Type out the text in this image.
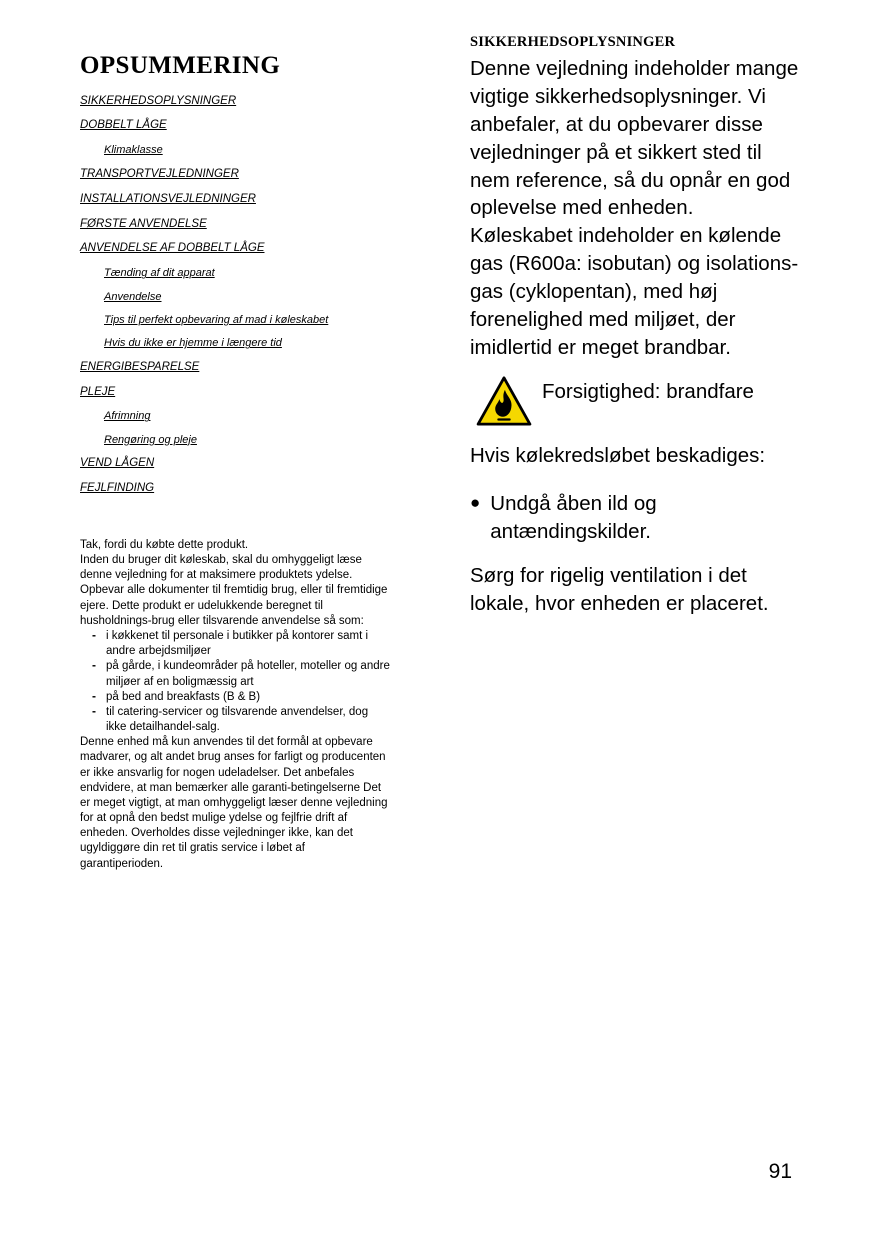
OPSUMMERING
SIKKERHEDSOPLYSNINGER
DOBBELT LÅGE
Klimaklasse
TRANSPORTVEJLEDNINGER
INSTALLATIONSVEJLEDNINGER
FØRSTE ANVENDELSE
ANVENDELSE AF DOBBELT LÅGE
Tænding af dit apparat
Anvendelse
Tips til perfekt opbevaring af mad i køleskabet
Hvis du ikke er hjemme i længere tid
ENERGIBESPARELSE
PLEJE
Afrimning
Rengøring og pleje
VEND LÅGEN
FEJLFINDING

Tak, fordi du købte dette produkt.

Inden du bruger dit køleskab, skal du omhyggeligt læse denne vejledning for at maksimere produktets ydelse. Opbevar alle dokumenter til fremtidig brug, eller til fremtidige ejere. Dette produkt er udelukkende beregnet til husholdnings-brug eller tilsvarende anvendelse så som:

- i køkkenet til personale i butikker på kontorer samt i andre arbejdsmiljøer
- på gårde, i kundeområder på hoteller, moteller og andre miljøer af en boligmæssig art
- på bed and breakfasts (B & B)
- til catering-servicer og tilsvarende anvendelser, dog ikke detailhandel-salg.

Denne enhed må kun anvendes til det formål at opbevare madvarer, og alt andet brug anses for farligt og producenten er ikke ansvarlig for nogen udeladelser. Det anbefales endvidere, at man bemærker alle garanti-betingelserne Det er meget vigtigt, at man omhyggeligt læser denne vejledning for at opnå den bedst mulige ydelse og fejlfrie drift af enheden. Overholdes disse vejledninger ikke, kan det ugyldiggøre din ret til gratis service i løbet af garantiperioden.

SIKKERHEDSOPLYSNINGER

Denne vejledning indeholder mange vigtige sikkerhedsoplysninger. Vi anbefaler, at du opbevarer disse vejledninger på et sikkert sted til nem reference, så du opnår en god oplevelse med enheden. Køleskabet indeholder en kølende gas (R600a: isobutan) og isolations- gas (cyklopentan), med høj forenelighed med miljøet, der imidlertid er meget brandbar.

Forsigtighed: brandfare

Hvis kølekredsløbet beskadiges:

● Undgå åben ild og antændingskilder.

Sørg for rigelig ventilation i det lokale, hvor enheden er placeret.

91
